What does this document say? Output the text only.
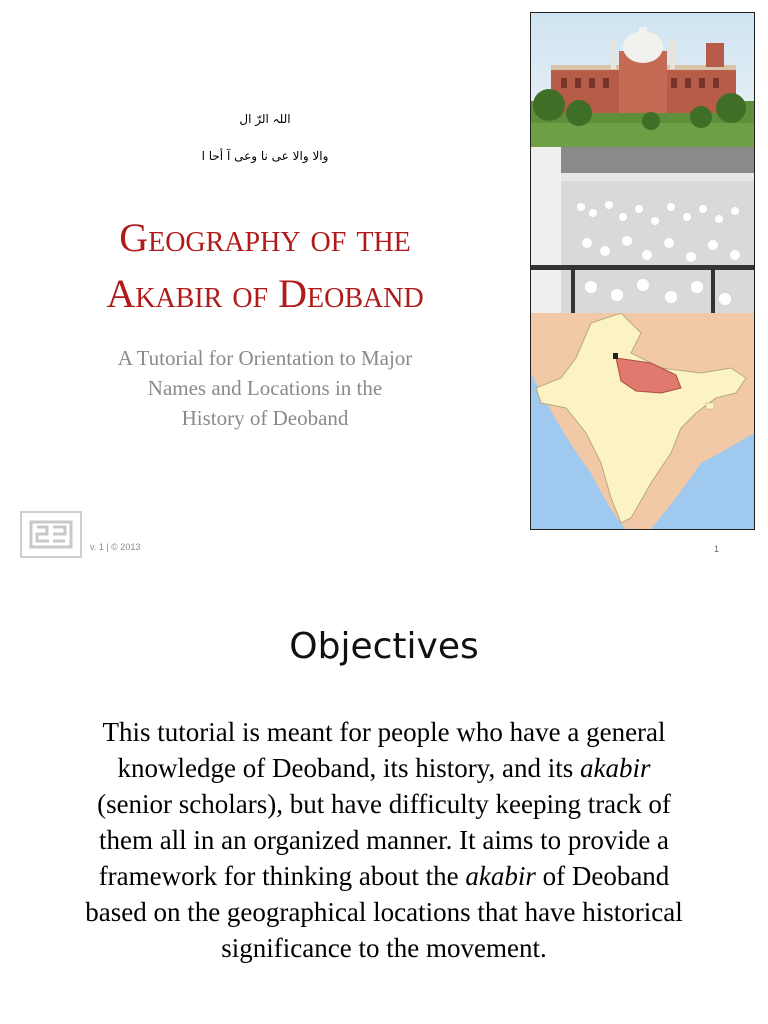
اللہ الرّ ال
والا والا عی نا وعی آ أحا ا
Geography of the
Akabir of Deoband
A Tutorial for Orientation to Major
Names and Locations in the
History of Deoband
v. 1 | © 2013	1
Objectives
This tutorial is meant for people who have a general
knowledge of Deoband, its history, and its akabir
(senior scholars), but have difficulty keeping track of
them all in an organized manner. It aims to provide a
framework for thinking about the akabir of Deoband
based on the geographical locations that have historical
significance to the movement.
